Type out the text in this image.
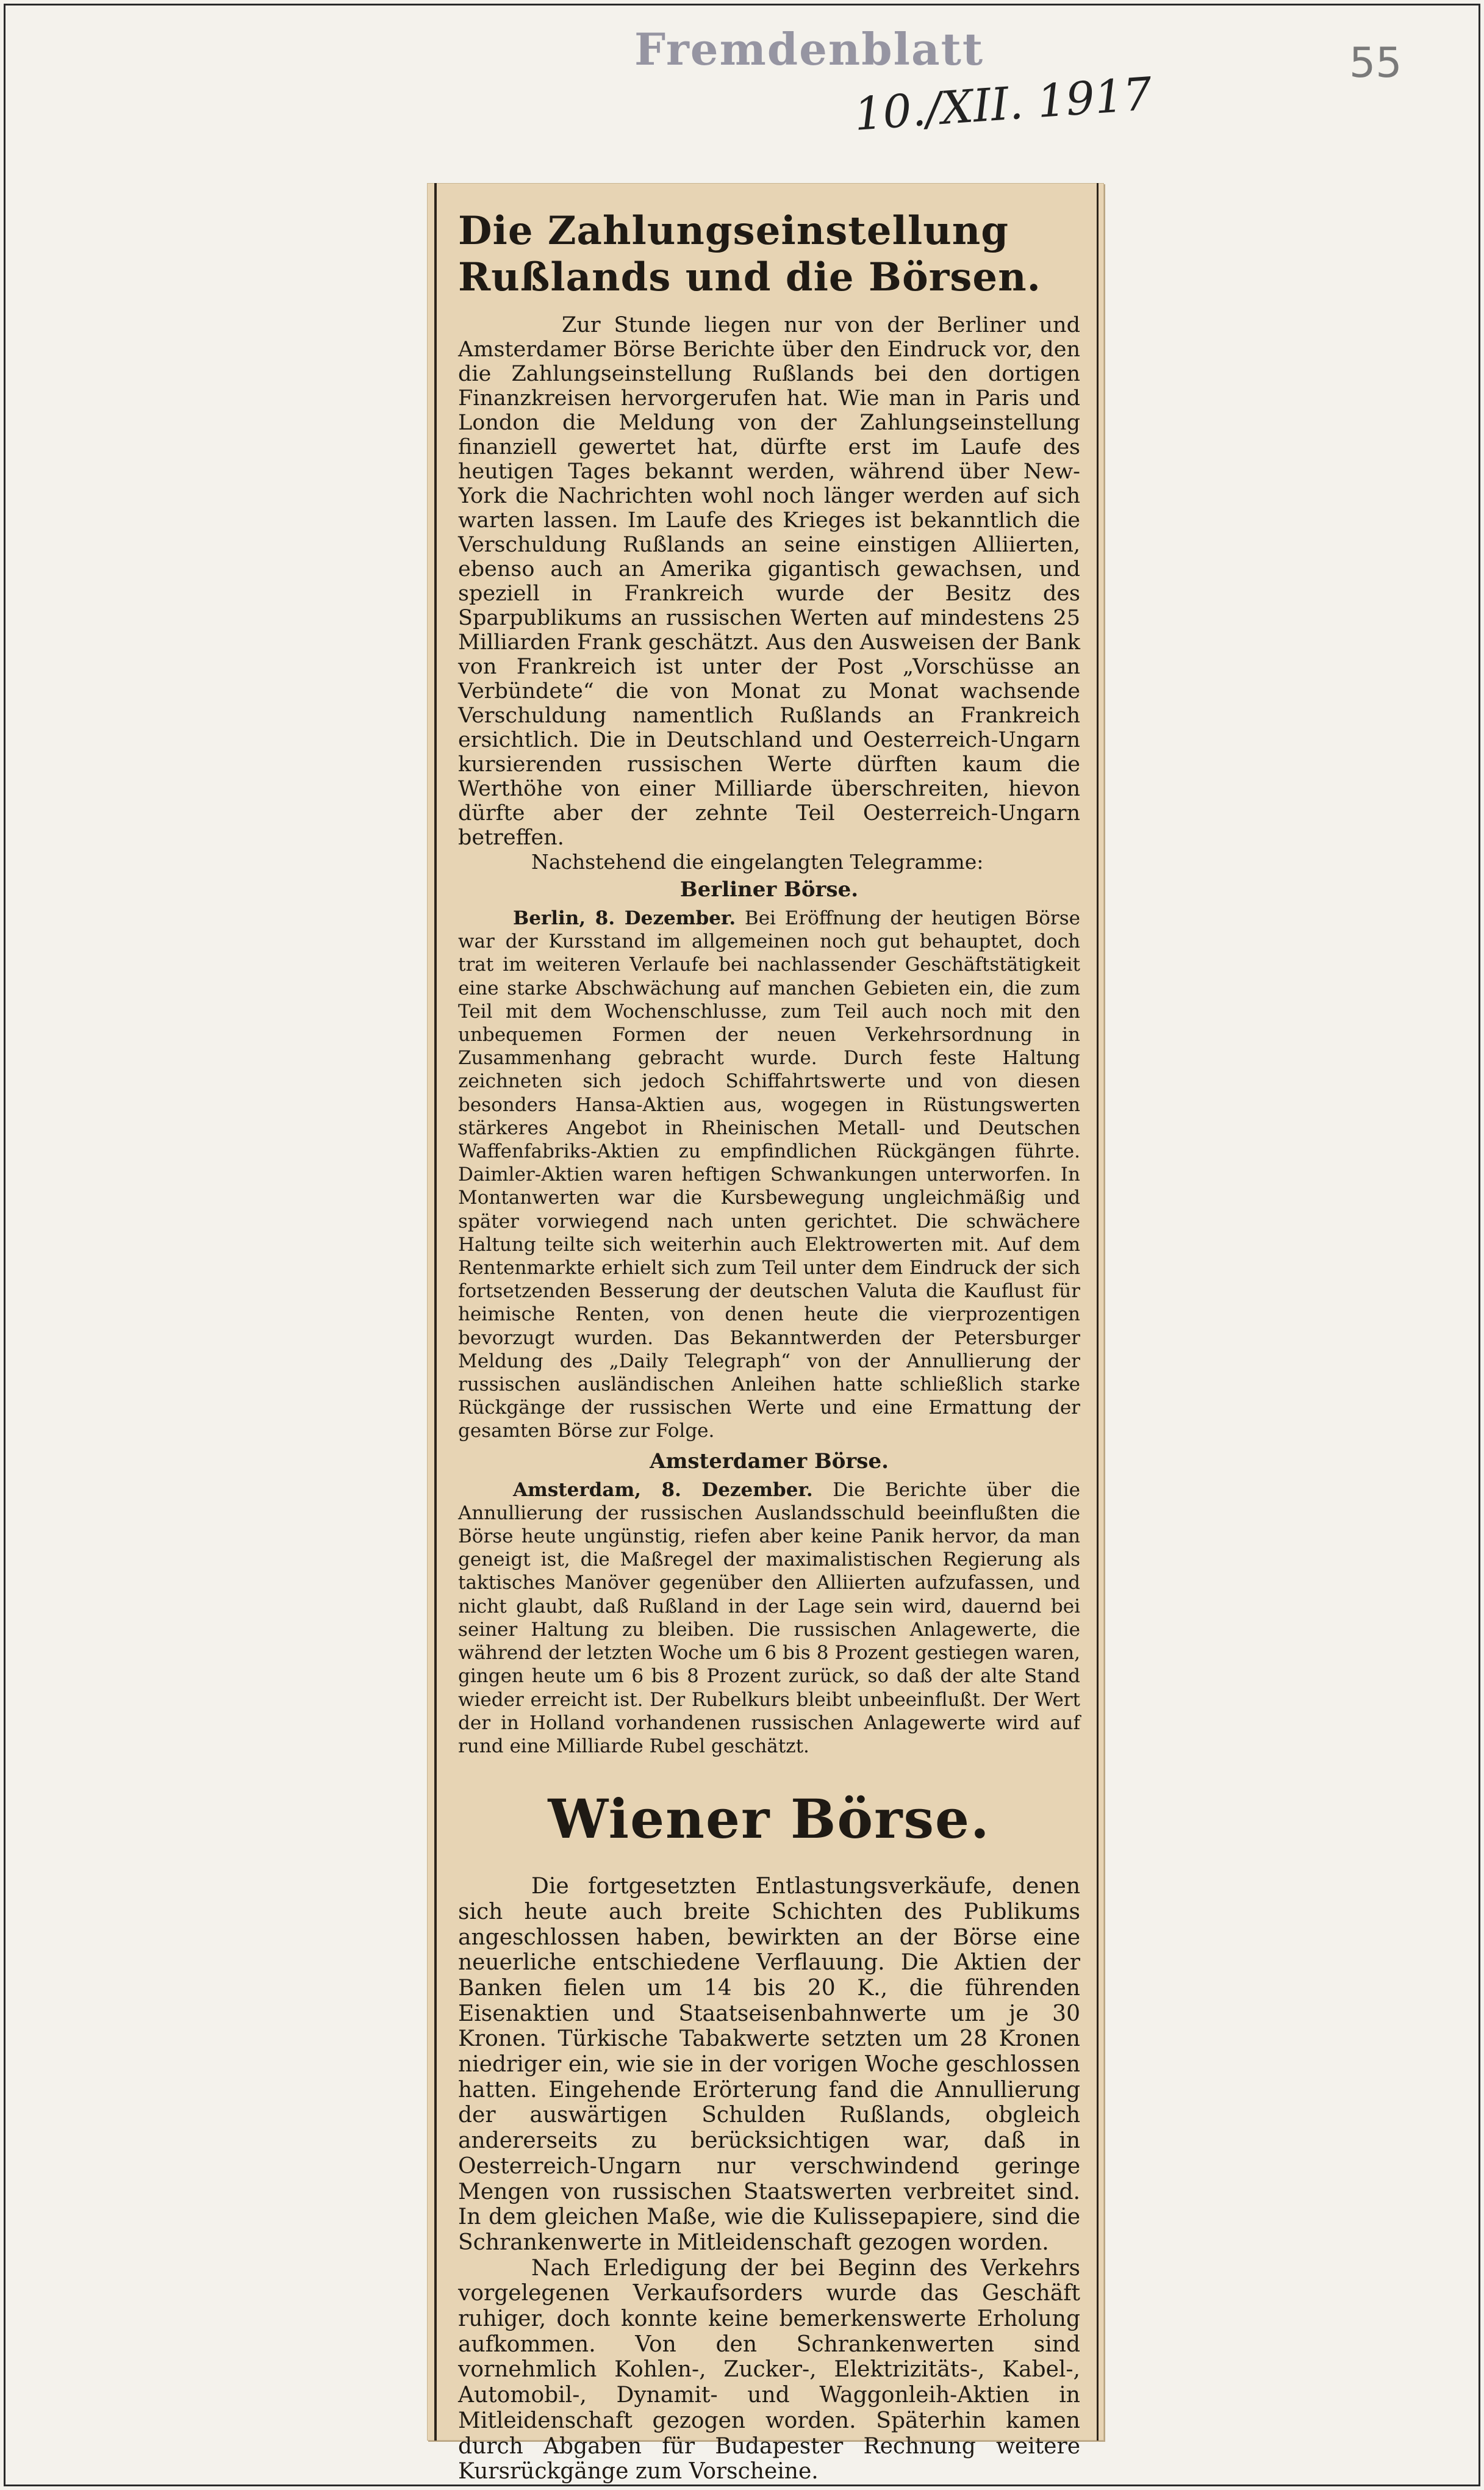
Fremdenblatt
10./XII. 1917
55
Die Zahlungseinstellung Rußlands und die Börsen.

Zur Stunde liegen nur von der Berliner und Amsterdamer Börse Berichte über den Eindruck vor, den die Zahlungseinstellung Rußlands bei den dortigen Finanzkreisen hervorgerufen hat. Wie man in Paris und London die Meldung von der Zahlungseinstellung finanziell gewertet hat, dürfte erst im Laufe des heutigen Tages bekannt werden, während über New-York die Nachrichten wohl noch länger werden auf sich warten lassen. Im Laufe des Krieges ist bekanntlich die Verschuldung Rußlands an seine einstigen Alliierten, ebenso auch an Amerika gigantisch gewachsen, und speziell in Frankreich wurde der Besitz des Sparpublikums an russischen Werten auf mindestens 25 Milliarden Frank geschätzt. Aus den Ausweisen der Bank von Frankreich ist unter der Post „Vorschüsse an Verbündete“ die von Monat zu Monat wachsende Verschuldung namentlich Rußlands an Frankreich ersichtlich. Die in Deutschland und Oesterreich-Ungarn kursierenden russischen Werte dürften kaum die Werthöhe von einer Milliarde überschreiten, hievon dürfte aber der zehnte Teil Oesterreich-Ungarn betreffen.

Nachstehend die eingelangten Telegramme:

Berliner Börse.

Berlin, 8. Dezember. Bei Eröffnung der heutigen Börse war der Kursstand im allgemeinen noch gut behauptet, doch trat im weiteren Verlaufe bei nachlassender Geschäftstätigkeit eine starke Abschwächung auf manchen Gebieten ein, die zum Teil mit dem Wochenschlusse, zum Teil auch noch mit den unbequemen Formen der neuen Verkehrsordnung in Zusammenhang gebracht wurde. Durch feste Haltung zeichneten sich jedoch Schiffahrtswerte und von diesen besonders Hansa-Aktien aus, wogegen in Rüstungswerten stärkeres Angebot in Rheinischen Metall- und Deutschen Waffenfabriks-Aktien zu empfindlichen Rückgängen führte. Daimler-Aktien waren heftigen Schwankungen unterworfen. In Montanwerten war die Kursbewegung ungleichmäßig und später vorwiegend nach unten gerichtet. Die schwächere Haltung teilte sich weiterhin auch Elektrowerten mit. Auf dem Rentenmarkte erhielt sich zum Teil unter dem Eindruck der sich fortsetzenden Besserung der deutschen Valuta die Kauflust für heimische Renten, von denen heute die vierprozentigen bevorzugt wurden. Das Bekanntwerden der Petersburger Meldung des „Daily Telegraph“ von der Annullierung der russischen ausländischen Anleihen hatte schließlich starke Rückgänge der russischen Werte und eine Ermattung der gesamten Börse zur Folge.

Amsterdamer Börse.

Amsterdam, 8. Dezember. Die Berichte über die Annullierung der russischen Auslandsschuld beeinflußten die Börse heute ungünstig, riefen aber keine Panik hervor, da man geneigt ist, die Maßregel der maximalistischen Regierung als taktisches Manöver gegenüber den Alliierten aufzufassen, und nicht glaubt, daß Rußland in der Lage sein wird, dauernd bei seiner Haltung zu bleiben. Die russischen Anlagewerte, die während der letzten Woche um 6 bis 8 Prozent gestiegen waren, gingen heute um 6 bis 8 Prozent zurück, so daß der alte Stand wieder erreicht ist. Der Rubelkurs bleibt unbeeinflußt. Der Wert der in Holland vorhandenen russischen Anlagewerte wird auf rund eine Milliarde Rubel geschätzt.

Wiener Börse.

Die fortgesetzten Entlastungsverkäufe, denen sich heute auch breite Schichten des Publikums angeschlossen haben, bewirkten an der Börse eine neuerliche entschiedene Verflauung. Die Aktien der Banken fielen um 14 bis 20 K., die führenden Eisenaktien und Staatseisenbahnwerte um je 30 Kronen. Türkische Tabakwerte setzten um 28 Kronen niedriger ein, wie sie in der vorigen Woche geschlossen hatten. Eingehende Erörterung fand die Annullierung der auswärtigen Schulden Rußlands, obgleich andererseits zu berücksichtigen war, daß in Oesterreich-Ungarn nur verschwindend geringe Mengen von russischen Staatswerten verbreitet sind. In dem gleichen Maße, wie die Kulissepapiere, sind die Schrankenwerte in Mitleidenschaft gezogen worden.

Nach Erledigung der bei Beginn des Verkehrs vorgelegenen Verkaufsorders wurde das Geschäft ruhiger, doch konnte keine bemerkenswerte Erholung aufkommen. Von den Schrankenwerten sind vornehmlich Kohlen-, Zucker-, Elektrizitäts-, Kabel-, Automobil-, Dynamit- und Waggonleih-Aktien in Mitleidenschaft gezogen worden. Späterhin kamen durch Abgaben für Budapester Rechnung weitere Kursrückgänge zum Vorscheine.
